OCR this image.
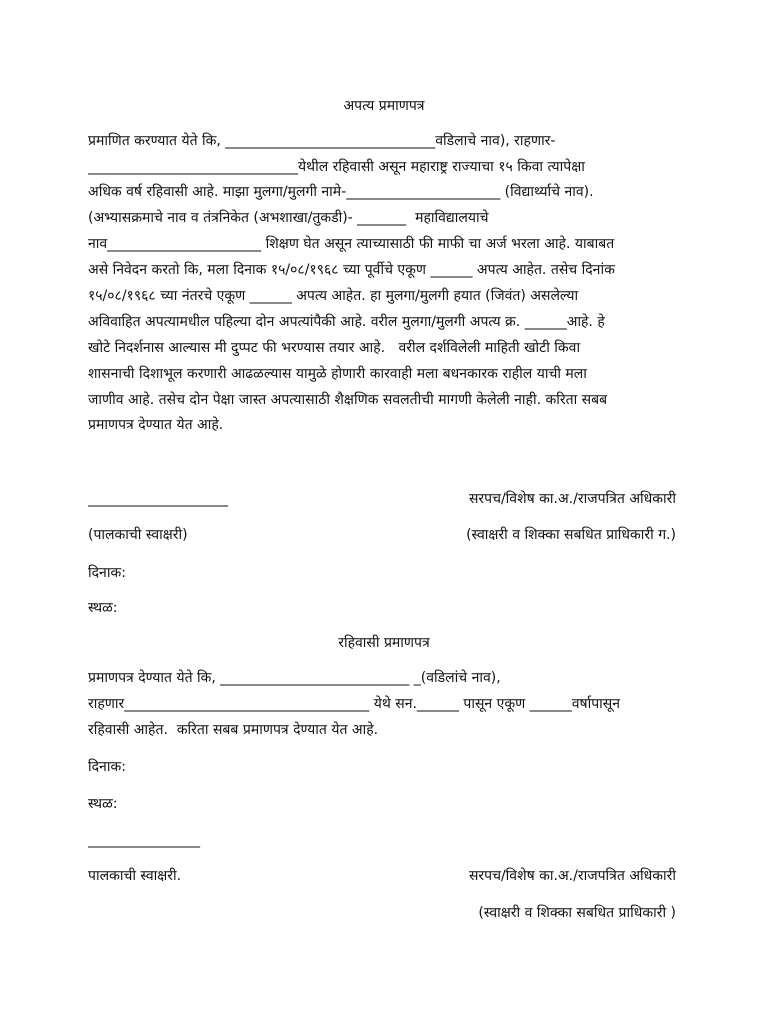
अपत्य प्रमाणपत्र
प्रमाणित करण्यात येते कि, ______________________________वडिलाचे नाव), राहणार-
______________________________येथील रहिवासी असून महाराष्ट्र राज्याचा १५ किवा त्यापेक्षा
अधिक वर्ष रहिवासी आहे. माझा मुलगा/मुलगी नामे-______________________ (विद्यार्थ्याचे नाव).
(अभ्यासक्रमाचे नाव व तंत्रनिकेत (अभशाखा/तुकडी)- _______  महाविद्यालयाचे
नाव______________________ शिक्षण घेत असून त्याच्यासाठी फी माफी चा अर्ज भरला आहे. याबाबत
असे निवेदन करतो कि, मला दिनाक १५/०८/१९६८ च्या पूर्वीचे एकूण ______ अपत्य आहेत. तसेच दिनांक
१५/०८/१९६८ च्या नंतरचे एकूण ______ अपत्य आहेत. हा मुलगा/मुलगी हयात (जिवंत) असलेल्या
अविवाहित अपत्यामधील पहिल्या दोन अपत्यांपैकी आहे. वरील मुलगा/मुलगी अपत्य क्र. ______आहे. हे
खोटे निदर्शनास आल्यास मी दुप्पट फी भरण्यास तयार आहे.   वरील दर्शविलेली माहिती खोटी किवा
शासनाची दिशाभूल करणारी आढळल्यास यामुळे होणारी कारवाही मला बधनकारक राहील याची मला
जाणीव आहे. तसेच दोन पेक्षा जास्त अपत्यासाठी शैक्षणिक सवलतीची मागणी केलेली नाही. करिता सबब
प्रमाणपत्र देण्यात येत आहे.
____________________	सरपच/विशेष का.अ./राजपत्रित अधिकारी
(पालकाची स्वाक्षरी)	(स्वाक्षरी व शिक्का सबधित प्राधिकारी ग.)
दिनाक:
स्थळ:
रहिवासी प्रमाणपत्र
प्रमाणपत्र देण्यात येते कि, ___________________________ _(वडिलांचे नाव),
राहणार___________________________________ येथे सन.______ पासून एकूण ______वर्षापासून
रहिवासी आहेत.  करिता सबब प्रमाणपत्र देण्यात येत आहे.
दिनाक:
स्थळ:
________________
पालकाची स्वाक्षरी.	सरपच/विशेष का.अ./राजपत्रित अधिकारी
(स्वाक्षरी व शिक्का सबधित प्राधिकारी )
